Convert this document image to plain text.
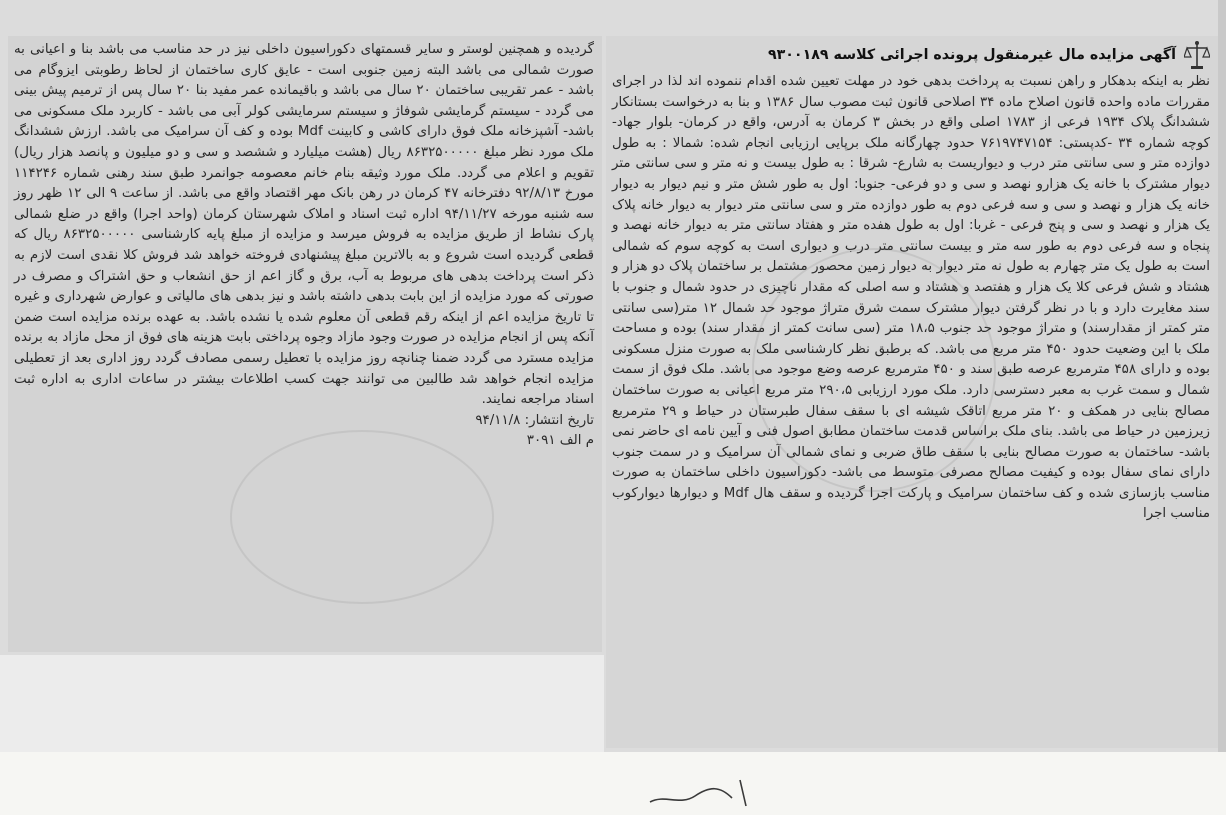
آگهی مزایده مال غیرمنقول پرونده اجرائی کلاسه ۹۳۰۰۱۸۹

نظر به اینکه بدهکار و راهن نسبت به پرداخت بدهی خود در مهلت تعیین شده اقدام ننموده اند لذا در اجرای مقررات ماده واحده قانون اصلاح ماده ۳۴ اصلاحی قانون ثبت مصوب سال ۱۳۸۶ و بنا به درخواست بستانکار ششدانگ پلاک ۱۹۳۴ فرعی از ۱۷۸۳ اصلی واقع در بخش ۳ کرمان به آدرس، واقع در کرمان- بلوار جهاد- کوچه شماره ۳۴ -کدپستی: ۷۶۱۹۷۴۷۱۵۴ حدود چهارگانه ملک برپایی ارزیابی انجام شده: شمالا : به طول دوازده متر و سی سانتی متر درب و دیواریست به شارع- شرقا : به طول بیست و نه متر و سی سانتی متر دیوار مشترک با خانه یک هزارو نهصد و سی و دو فرعی- جنوبا: اول به طور شش متر و نیم دیوار به دیوار خانه یک هزار و نهصد و سی و سه فرعی دوم به طور دوازده متر و سی سانتی متر دیوار به دیوار خانه پلاک یک هزار و نهصد و سی و پنج فرعی - غربا: اول به طول هفده متر و هفتاد سانتی متر به دیوار خانه نهصد و پنجاه و سه فرعی دوم به طور سه متر و بیست سانتی متر درب و دیواری است به کوچه سوم که شمالی است به طول یک متر چهارم به طول نه متر دیوار به دیوار زمین محصور مشتمل بر ساختمان پلاک دو هزار و هشتاد و شش فرعی کلا یک هزار و هفتصد و هشتاد و سه اصلی که مقدار ناچیزی در حدود شمال و جنوب با سند مغایرت دارد و با در نظر گرفتن دیوار مشترک سمت شرق متراژ موجود حد شمال ۱۲ متر(سی سانتی متر کمتر از مقدارسند) و متراژ موجود حد جنوب ۱۸،۵ متر (سی سانت کمتر از مقدار سند) بوده و مساحت ملک با این وضعیت حدود ۴۵۰ متر مربع می باشد. که برطبق نظر کارشناسی ملک به صورت منزل مسکونی بوده و دارای ۴۵۸ مترمربع عرصه طبق سند و ۴۵۰ مترمربع عرصه وضع موجود می باشد. ملک فوق از سمت شمال و سمت غرب به معبر دسترسی دارد. ملک مورد ارزیابی ۲۹۰،۵ متر مربع اعیانی به صورت ساختمان مصالح بنایی در همکف و ۲۰ متر مربع اتاقک شیشه ای با سقف سفال طبرستان در حیاط و ۲۹ مترمربع زیرزمین در حیاط می باشد. بنای ملک براساس قدمت ساختمان مطابق اصول فنی و آیین نامه ای حاضر نمی باشد- ساختمان به صورت مصالح بنایی با سقف طاق ضربی و نمای شمالی آن سرامیک و در سمت جنوب دارای نمای سفال بوده و کیفیت مصالح مصرفی متوسط می باشد- دکوراسیون داخلی ساختمان به صورت مناسب بازسازی شده و کف ساختمان سرامیک و پارکت اجرا گردیده و سقف هال Mdf و دیوارها دیوارکوب مناسب اجرا

گردیده و همچنین لوستر و سایر قسمتهای دکوراسیون داخلی نیز در حد مناسب می باشد بنا و اعیانی به صورت شمالی می باشد البته زمین جنوبی است - عایق کاری ساختمان از لحاظ رطوبتی ایزوگام می باشد - عمر تقریبی ساختمان ۲۰ سال می باشد و باقیمانده عمر مفید بنا ۲۰ سال پس از ترمیم پیش بینی می گردد - سیستم گرمایشی شوفاژ و سیستم سرمایشی کولر آبی می باشد - کاربرد ملک مسکونی می باشد- آشپزخانه ملک فوق دارای کاشی و کابینت Mdf بوده و کف آن سرامیک می باشد. ارزش ششدانگ ملک مورد نظر مبلغ ۸۶۳۲۵۰۰۰۰۰ ریال (هشت میلیارد و ششصد و سی و دو میلیون و پانصد هزار ریال) تقویم و اعلام می گردد. ملک مورد وثیقه بنام خانم معصومه جوانمرد طبق سند رهنی شماره ۱۱۴۲۴۶ مورخ ۹۲/۸/۱۳ دفترخانه ۴۷ کرمان در رهن بانک مهر اقتصاد واقع می باشد. از ساعت ۹ الی ۱۲ ظهر روز سه شنبه مورخه ۹۴/۱۱/۲۷ اداره ثبت اسناد و املاک شهرستان کرمان (واحد اجرا) واقع در ضلع شمالی پارک نشاط از طریق مزایده به فروش میرسد و مزایده از مبلغ پایه کارشناسی ۸۶۳۲۵۰۰۰۰۰ ریال که قطعی گردیده است شروع و به بالاترین مبلغ پیشنهادی فروخته خواهد شد فروش کلا نقدی است لازم به ذکر است پرداخت بدهی های مربوط به آب، برق و گاز اعم از حق انشعاب و حق اشتراک و مصرف در صورتی که مورد مزایده از این بابت بدهی داشته باشد و نیز بدهی های مالیاتی و عوارض شهرداری و غیره تا تاریخ مزایده اعم از اینکه رقم قطعی آن معلوم شده یا نشده باشد. به عهده برنده مزایده است ضمن آنکه پس از انجام مزایده در صورت وجود مازاد وجوه پرداختی بابت هزینه های فوق از محل مازاد به برنده مزایده مسترد می گردد ضمنا چنانچه روز مزایده با تعطیل رسمی مصادف گردد روز اداری بعد از تعطیلی مزایده انجام خواهد شد طالبین می توانند جهت کسب اطلاعات بیشتر در ساعات اداری به اداره ثبت اسناد مراجعه نمایند.

تاریخ انتشار: ۹۴/۱۱/۸
م الف ۳۰۹۱
